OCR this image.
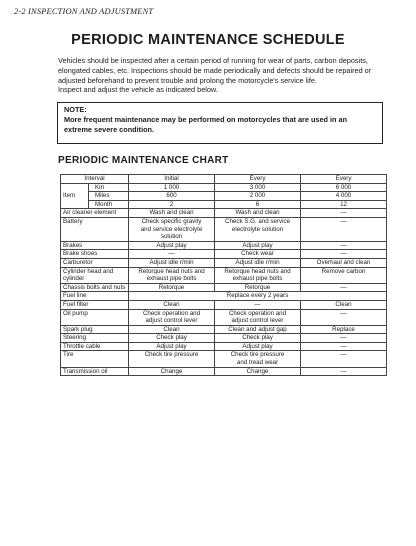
2-2 INSPECTION AND ADJUSTMENT
PERIODIC MAINTENANCE SCHEDULE
Vehicles should be inspected after a certain period of running for wear of parts, carbon deposits, elongated cables, etc. Inspections should be made periodically and defects should be repaired or adjusted beforehand to prevent trouble and prolong the motorcycle's service life.
Inspect and adjust the vehicle as indicated below.
NOTE:
More frequent maintenance may be performed on motorcycles that are used in an extreme severe condition.
PERIODIC MAINTENANCE CHART
Interval		Initial	Every	Every
Item	Km	1 000	3 000	6 000
	Miles	600	2 000	4 000
	Month	2	6	12
Air cleaner element		Wash and clean	Wash and clean	—
Battery		Check specific gravity
and service electrolyte
solution	Check S.G. and service
electrolyte solution	—
Brakes		Adjust play	Adjust play	—
Brake shoes		—	Check wear	—
Carburetor		Adjust idle r/min	Adjust idle r/min	Overhaul and clean
Cylinder head and cylinder		Retorque head nuts and
exhaust pipe bolts	Retorque head nuts and
exhaust pipe bolts	Remove carbon
Chassis bolts and nuts		Retorque	Retorque	—
Fuel line		Replace every 2 years		
Fuel filter		Clean	—	Clean
Oil pump		Check operation and
adjust control lever	Check operation and
adjust control lever	—
Spark plug		Clean	Clean and adjust gap	Replace
Steering		Check play	Check play	—
Throttle cable		Adjust play	Adjust play	—
Tire		Check tire pressure	Check tire pressure
and tread wear	—
Transmission oil		Change	Change	—
